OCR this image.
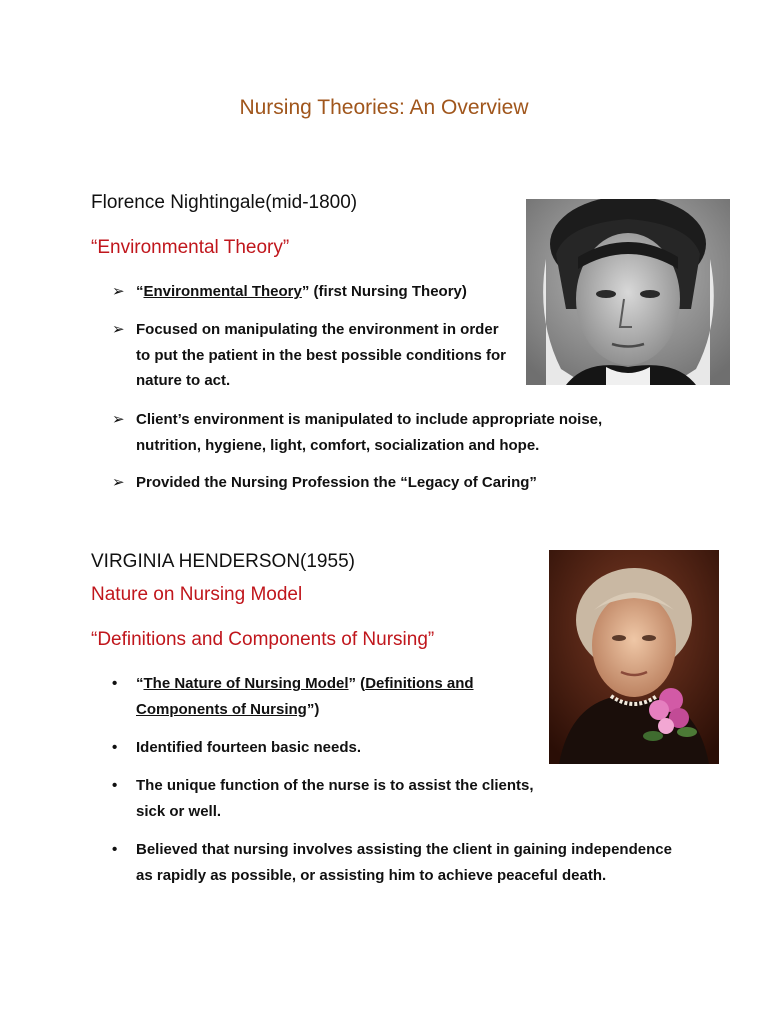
Nursing Theories: An Overview
Florence Nightingale(mid-1800)
“Environmental Theory”
➢ “Environmental Theory” (first Nursing Theory)
➢ Focused on manipulating the environment in order to put the patient in the best possible conditions for nature to act.
➢ Client’s environment is manipulated to include appropriate noise, nutrition, hygiene, light, comfort, socialization and hope.
➢ Provided the Nursing Profession the “Legacy of Caring”
VIRGINIA HENDERSON(1955)
Nature on Nursing Model
“Definitions and Components of Nursing”
•	“The Nature of Nursing Model” (Definitions and Components of Nursing”)
•	Identified fourteen basic needs.
•	The unique function of the nurse is to assist the clients, sick or well.
•	Believed that nursing involves assisting the client in gaining independence as rapidly as possible, or assisting him to achieve peaceful death.
